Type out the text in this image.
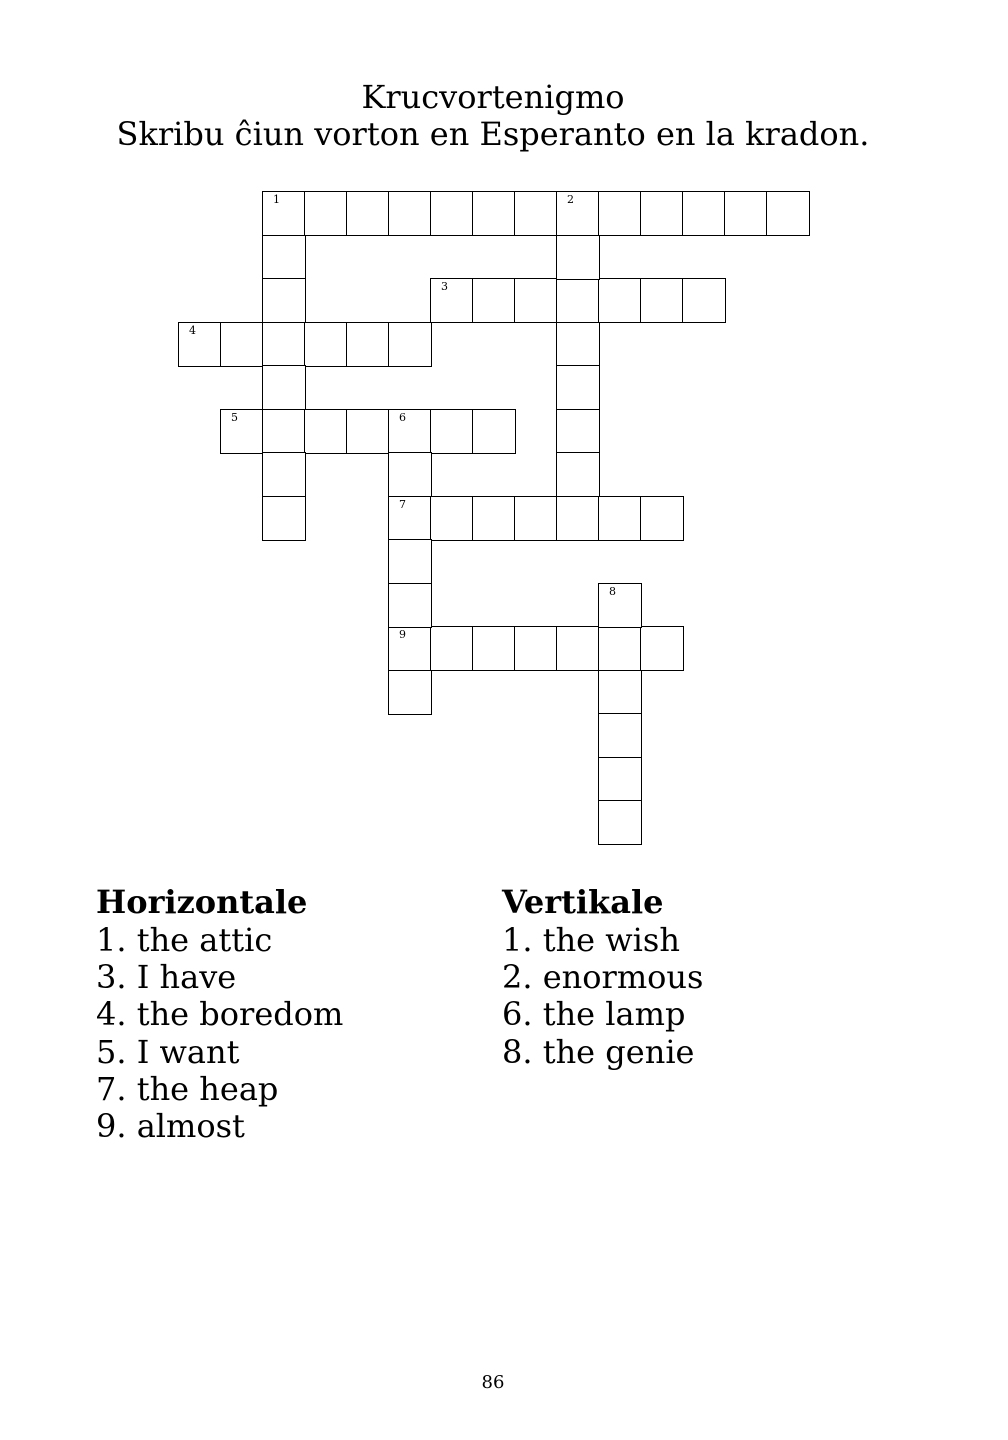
Krucvortenigmo
Skribu ĉiun vorton en Esperanto en la kradon.
1	2
3
4
5	6
7
9
8
Horizontale
1. the attic
3. I have
4. the boredom
5. I want
7. the heap
9. almost
Vertikale
1. the wish
2. enormous
6. the lamp
8. the genie
86
